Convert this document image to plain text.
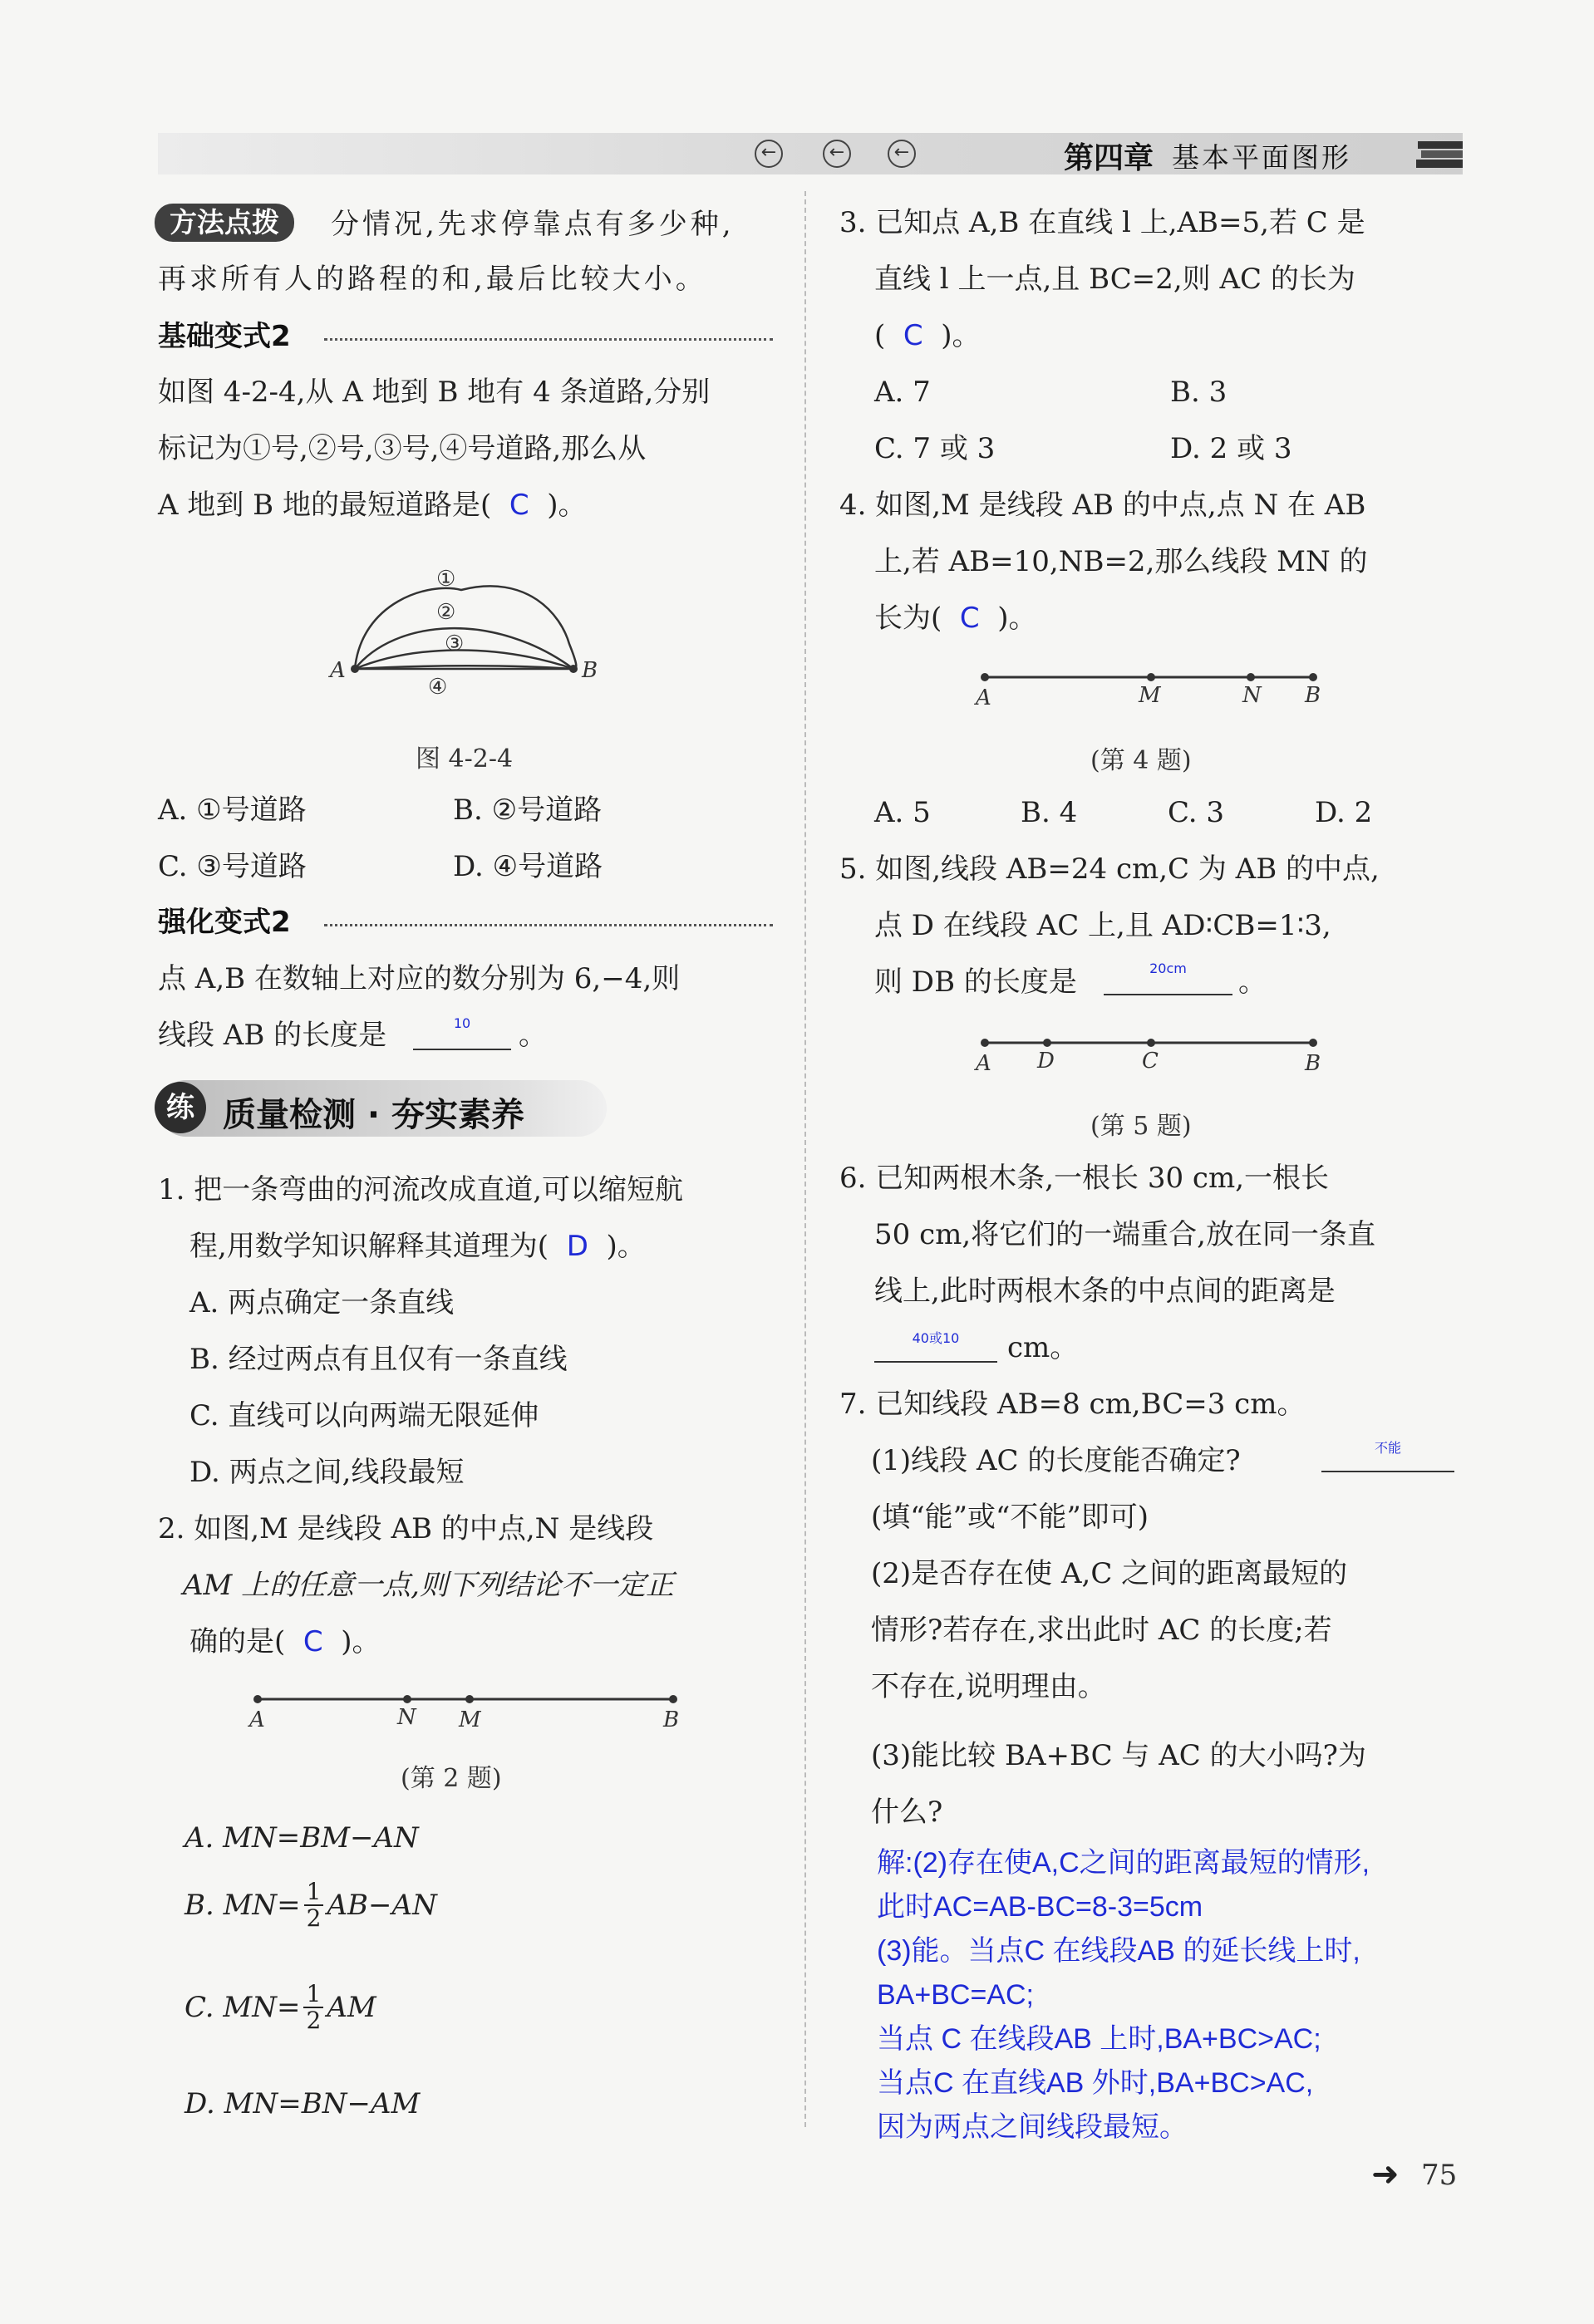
←	←	←	第四章 基本平面图形
方法点拨	分情况,先求停靠点有多少种,
再求所有人的路程的和,最后比较大小。
基础变式2
如图 4-2-4,从 A 地到 B 地有 4 条道路,分别
标记为①号,②号,③号,④号道路,那么从
A 地到 B 地的最短道路是( C )。
A	B
①
②
③
④
图 4-2-4
A. ①号道路	B. ②号道路
C. ③号道路	D. ④号道路
强化变式2
点 A,B 在数轴上对应的数分别为 6,−4,则
线段 AB 的长度是	10	。
练 质量检测 · 夯实素养
1. 把一条弯曲的河流改成直道,可以缩短航
程,用数学知识解释其道理为( D )。
A. 两点确定一条直线
B. 经过两点有且仅有一条直线
C. 直线可以向两端无限延伸
D. 两点之间,线段最短
2. 如图,M 是线段 AB 的中点,N 是线段
AM 上的任意一点,则下列结论不一定正
确的是( C )。
A	N M	B
(第 2 题)
A. MN=BM−AN
B. $MN= \frac{1}{2} AB-AN$
C. $MN= \frac{1}{2}$ AM
D. MN=BN−AM
3. 已知点 A,B 在直线 l 上,AB=5,若 C 是
直线 l 上一点,且 BC=2,则 AC 的长为
( C )。
A. 7	B. 3
C. 7 或 3	D. 2 或 3
4. 如图,M 是线段 AB 的中点,点 N 在 AB
上,若 AB=10,NB=2,那么线段 MN 的
长为( C )。
A	M	N B
(第 4 题)
A. 5	B. 4	C. 3	D. 2
5. 如图,线段 AB=24 cm,C 为 AB 的中点,
点 D 在线段 AC 上,且 AD∶CB=1∶3,
则 DB 的长度是	20cm	。
A D	C	B
(第 5 题)
6. 已知两根木条,一根长 30 cm,一根长
50 cm,将它们的一端重合,放在同一条直
线上,此时两根木条的中点间的距离是
40或10	cm。
7. 已知线段 AB=8 cm,BC=3 cm。
(1)线段 AC 的长度能否确定?	不能
(填“能”或“不能”即可)
(2)是否存在使 A,C 之间的距离最短的
情形?若存在,求出此时 AC 的长度;若
不存在,说明理由。
(3)能比较 BA+BC 与 AC 的大小吗?为
什么?
解:(2)存在使A,C之间的距离最短的情形,
此时AC=AB-BC=8-3=5cm
(3)能。当点C 在线段AB 的延长线上时,
BA+BC=AC;
当点 C 在线段AB 上时,BA+BC>AC;
当点C 在直线AB 外时,BA+BC>AC,
因为两点之间线段最短。
➜ 75
